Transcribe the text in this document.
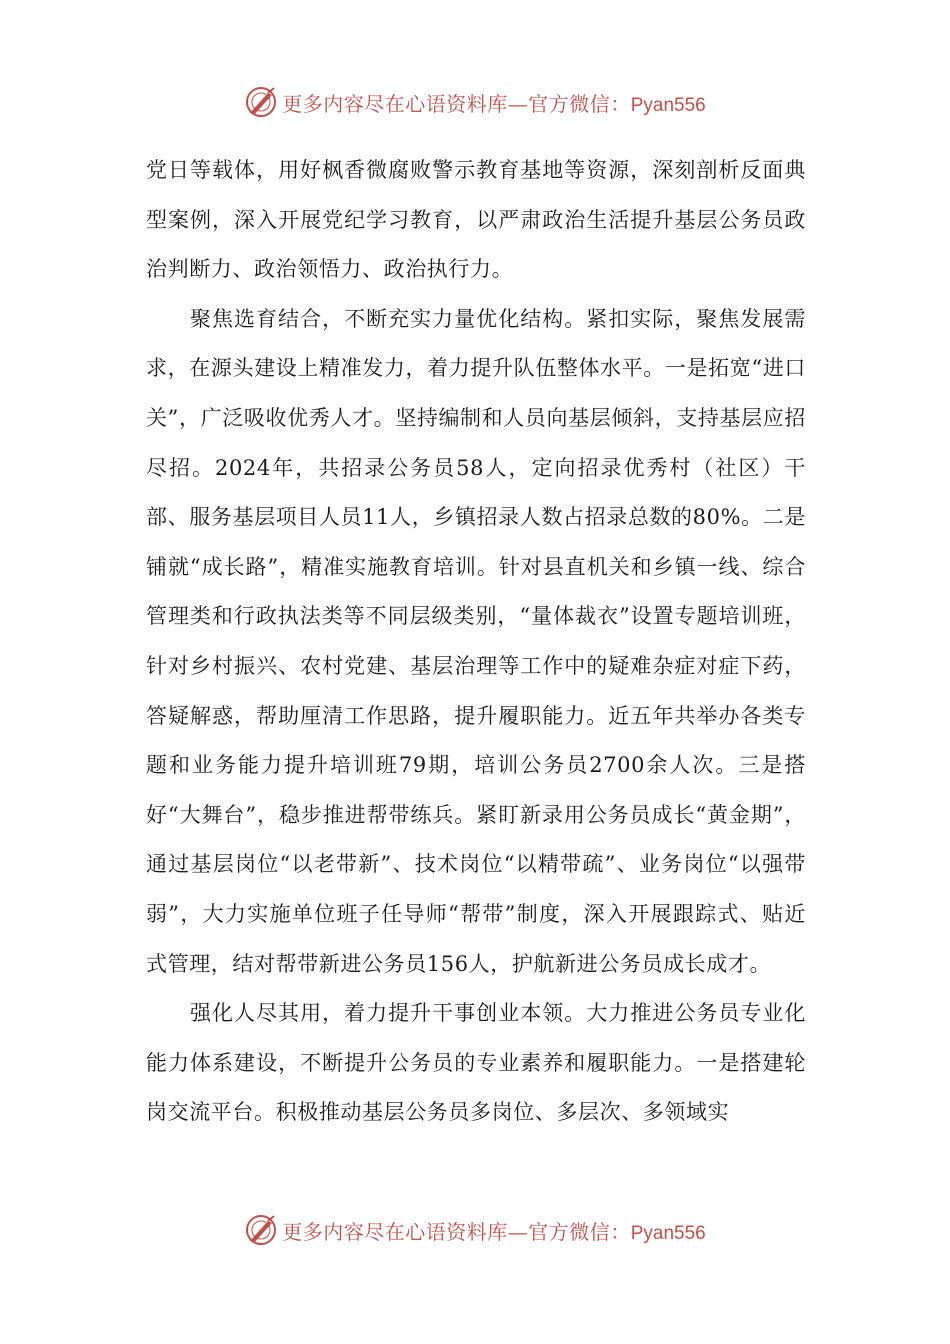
更多内容尽在心语资料库—官方微信：Pyan556

党日等载体，用好枫香微腐败警示教育基地等资源，深刻剖析反面典型案例，深入开展党纪学习教育，以严肃政治生活提升基层公务员政治判断力、政治领悟力、政治执行力。

聚焦选育结合，不断充实力量优化结构。紧扣实际，聚焦发展需求，在源头建设上精准发力，着力提升队伍整体水平。一是拓宽“进口关”，广泛吸收优秀人才。坚持编制和人员向基层倾斜，支持基层应招尽招。2024年，共招录公务员58人，定向招录优秀村（社区）干部、服务基层项目人员11人，乡镇招录人数占招录总数的80%。二是铺就“成长路”，精准实施教育培训。针对县直机关和乡镇一线、综合管理类和行政执法类等不同层级类别，“量体裁衣”设置专题培训班，针对乡村振兴、农村党建、基层治理等工作中的疑难杂症对症下药，答疑解惑，帮助厘清工作思路，提升履职能力。近五年共举办各类专题和业务能力提升培训班79期，培训公务员2700余人次。三是搭好“大舞台”，稳步推进帮带练兵。紧盯新录用公务员成长“黄金期”，通过基层岗位“以老带新”、技术岗位“以精带疏”、业务岗位“以强带弱”，大力实施单位班子任导师“帮带”制度，深入开展跟踪式、贴近式管理，结对帮带新进公务员156人，护航新进公务员成长成才。

强化人尽其用，着力提升干事创业本领。大力推进公务员专业化能力体系建设，不断提升公务员的专业素养和履职能力。一是搭建轮岗交流平台。积极推动基层公务员多岗位、多层次、多领域实

更多内容尽在心语资料库—官方微信：Pyan556
